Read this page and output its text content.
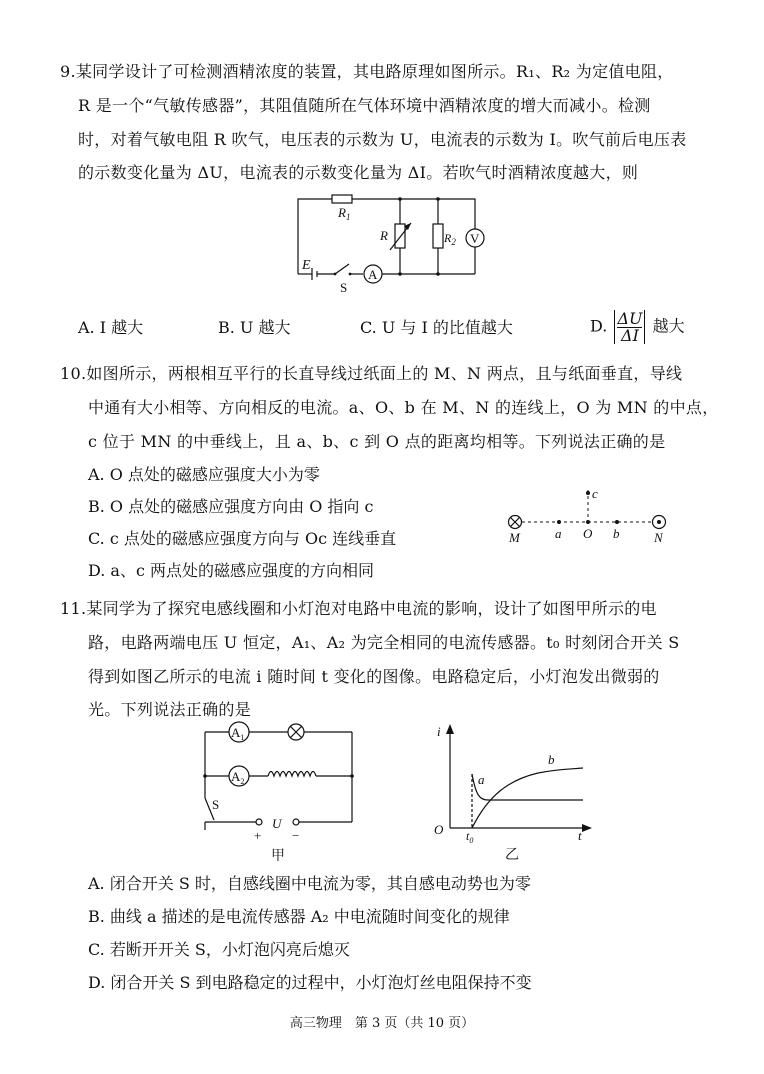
9.某同学设计了可检测酒精浓度的装置，其电路原理如图所示。R₁、R₂ 为定值电阻，
R 是一个“气敏传感器”，其阻值随所在气体环境中酒精浓度的增大而减小。检测
时，对着气敏电阻 R 吹气，电压表的示数为 U，电流表的示数为 I。吹气前后电压表
的示数变化量为 ΔU，电流表的示数变化量为 ΔI。若吹气时酒精浓度越大，则
$R_1$
R	$R_2$ V
A
E
S
A. I 越大	B. U 越大	C. U 与 I 的比值越大	D. $\frac{\Delta U}{\Delta I}$ 越大
10.如图所示，两根相互平行的长直导线过纸面上的 M、N 两点，且与纸面垂直，导线
中通有大小相等、方向相反的电流。a、O、b 在 M、N 的连线上，O 为 MN 的中点，
c 位于 MN 的中垂线上，且 a、b、c 到 O 点的距离均相等。下列说法正确的是
A. O 点处的磁感应强度大小为零
B. O 点处的磁感应强度方向由 O 指向 c
C. c 点处的磁感应强度方向与 Oc 连线垂直
D. a、c 两点处的磁感应强度的方向相同
c
M	a O b	N
11.某同学为了探究电感线圈和小灯泡对电路中电流的影响，设计了如图甲所示的电
路，电路两端电压 U 恒定，A₁、A₂ 为完全相同的电流传感器。t₀ 时刻闭合开关 S
得到如图乙所示的电流 i 随时间 t 变化的图像。电路稳定后，小灯泡发出微弱的
光。下列说法正确的是
$A_1$
$A_2$
S
U
+ −
甲
i
t
O $t_0$
a
b
乙
A. 闭合开关 S 时，自感线圈中电流为零，其自感电动势也为零
B. 曲线 a 描述的是电流传感器 A₂ 中电流随时间变化的规律
C. 若断开开关 S，小灯泡闪亮后熄灭
D. 闭合开关 S 到电路稳定的过程中，小灯泡灯丝电阻保持不变
高三物理　第 3 页（共 10 页）
